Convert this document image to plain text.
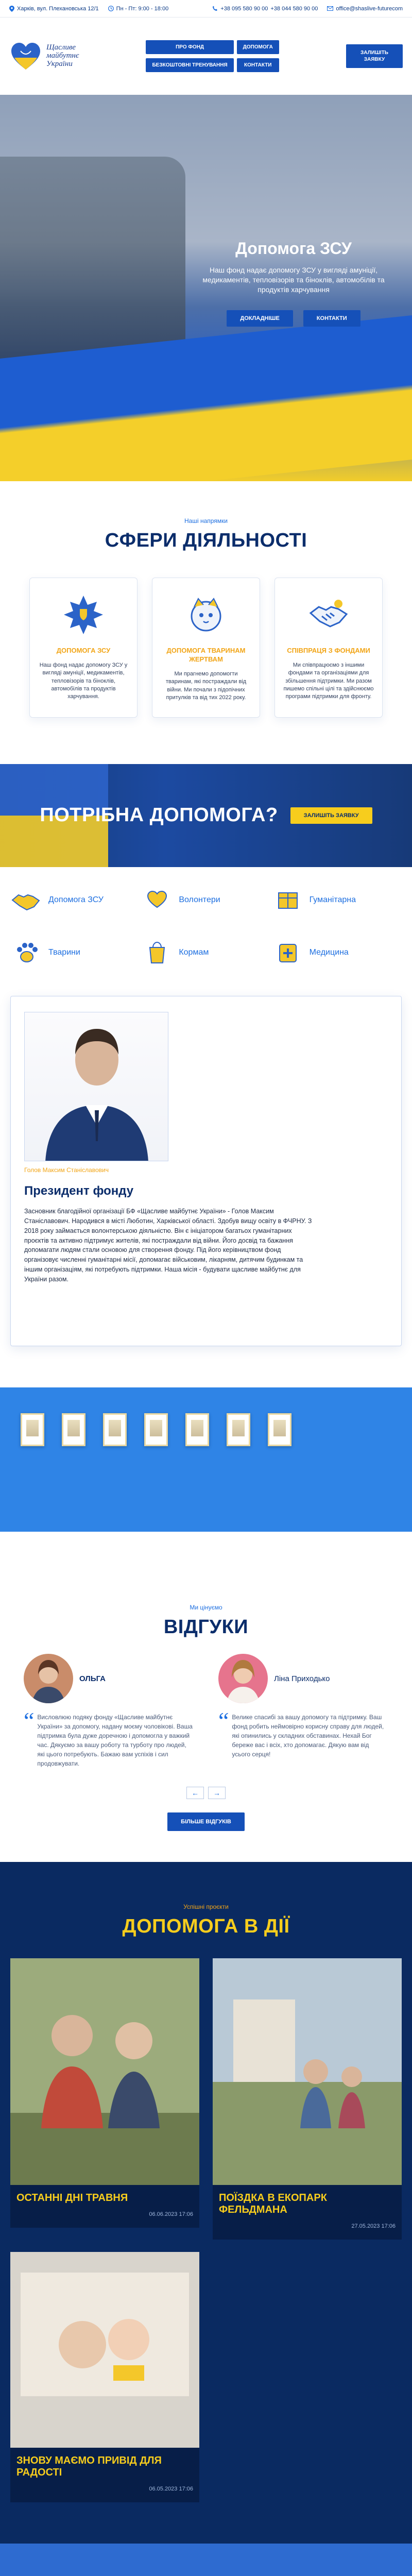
Харків, вул. Плехановська 12/1	Пн - Пт: 9:00 - 18:00	+38 095 580 90 00 +38 044 580 90 00	office@shaslive-futurecom
Щасливе
майбутнє
України
ПРО ФОНД	ДОПОМОГА
БЕЗКОШТОВНІ ТРЕНУВАННЯ	КОНТАКТИ
ЗАЛИШІТЬ ЗАЯВКУ
Допомога ЗСУ

Наш фонд надає допомогу ЗСУ у вигляді амуніції, медикаментів, тепловізорів та біноклів, автомобілів та продуктів харчування

ДОКЛАДНІШЕ	КОНТАКТИ
Наші напрямки
СФЕРИ ДІЯЛЬНОСТІ
ДОПОМОГА ЗСУ

Наш фонд надає допомогу ЗСУ у вигляді амуніції, медикаментів, тепловізорів та біноклів, автомобілів та продуктів харчування.

ДОПОМОГА ТВАРИНАМ ЖЕРТВАМ

Ми прагнемо допомогти тваринам, які постраждали від війни. Ми почали з підопічних притулків та від тих 2022 року.

СПІВПРАЦЯ З ФОНДАМИ

Ми співпрацюємо з іншими фондами та організаціями для збільшення підтримки. Ми разом пишемо спільні цілі та здійснюємо програми підтримки для фронту.

ПОТРІБНА ДОПОМОГА?	ЗАЛИШІТЬ ЗАЯВКУ
Допомога ЗСУ	Волонтери	Гуманітарна
Тварини	Кормам	Медицина
Голов Максим Станіславович
Президент фонду
Засновник благодійної організації БФ «Щасливе майбутнє України» - Голов Максим Станіславович. Народився в місті Люботин, Харківської області. Здобув вищу освіту в ФЧРНУ. З 2018 року займається волонтерською діяльністю. Він є ініціатором багатьох гуманітарних проєктів та активно підтримує жителів, які постраждали від війни. Його досвід та бажання допомагати людям стали основою для створення фонду. Під його керівництвом фонд організовує численні гуманітарні місії, допомагає військовим, лікарням, дитячим будинкам та іншим організаціям, які потребують підтримки. Наша місія - будувати щасливе майбутнє для України разом.
Ми цінуємо
ВІДГУКИ
ОЛЬГА
“ Висловлюю подяку фонду «Щасливе майбутнє України» за допомогу, надану моєму чоловікові. Ваша підтримка була дуже доречною і допомогла у важкий час. Дякуємо за вашу роботу та турботу про людей, які цього потребують. Бажаю вам успіхів і сил продовжувати.

Ліна Приходько
“ Велике спасибі за вашу допомогу та підтримку. Ваш фонд робить неймовірно корисну справу для людей, які опинились у складних обставинах. Нехай Бог береже вас і всіх, хто допомагає. Дякую вам від усього серця!

←	→
БІЛЬШЕ ВІДГУКІВ
Успішні проєкти
ДОПОМОГА В ДІЇ
ОСТАННІ ДНІ ТРАВНЯ
06.06.2023 17:06
ПОЇЗДКА В ЕКОПАРК ФЕЛЬДМАНА
27.05.2023 17:06
ЗНОВУ МАЄМО ПРИВІД ДЛЯ РАДОСТІ
06.05.2023 17:06
